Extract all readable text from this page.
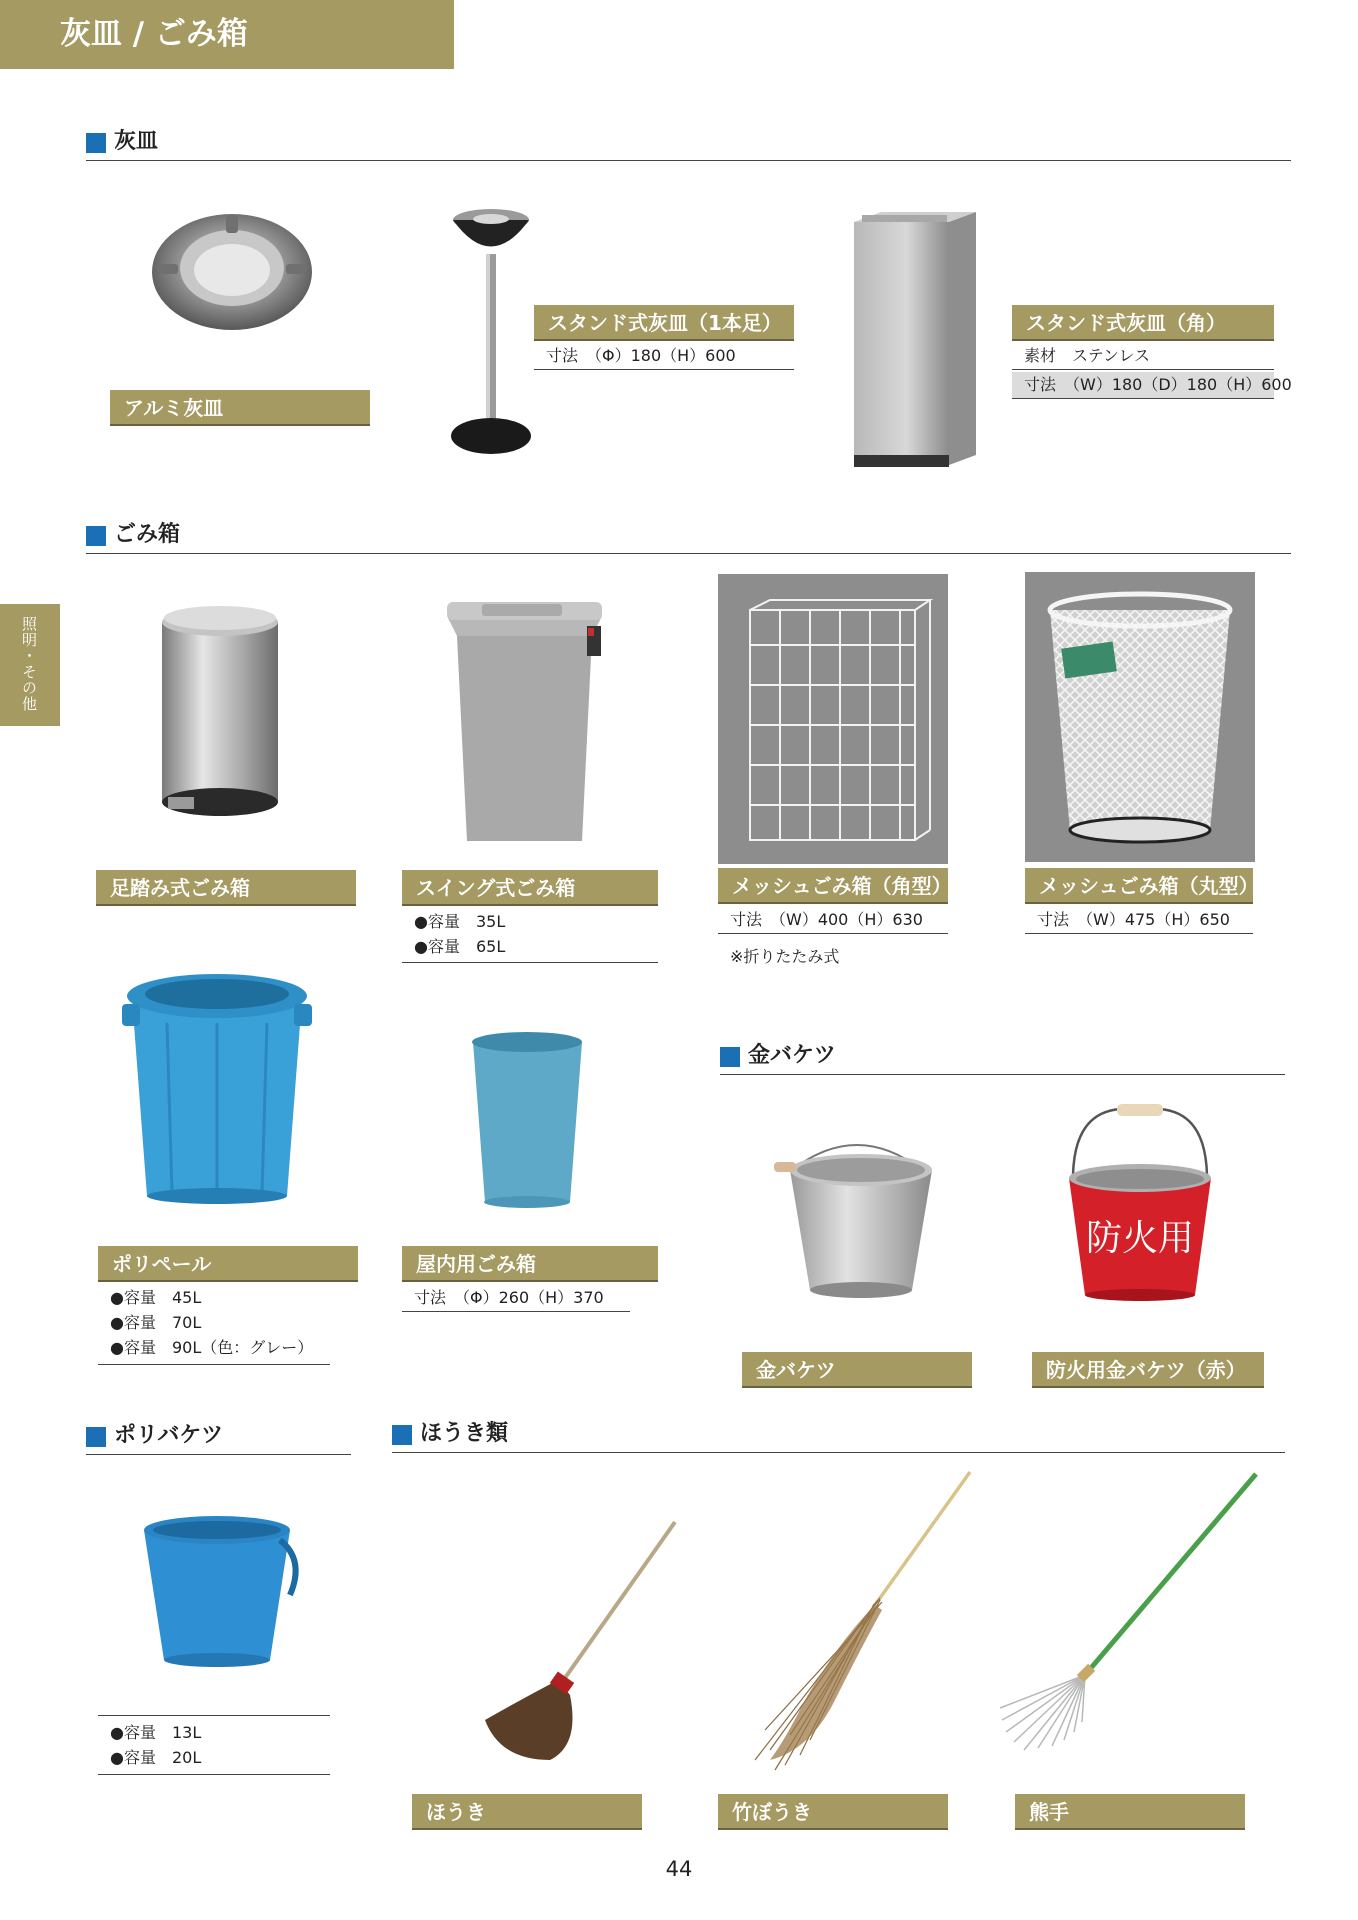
灰皿 / ごみ箱
照明・その他
灰皿
アルミ灰皿
スタンド式灰皿（1本足）
寸法　（Φ）180（H）600
スタンド式灰皿（角）
素材　ステンレス
寸法　（W）180（D）180（H）600
ごみ箱
足踏み式ごみ箱	スイング式ごみ箱
●容量　35L
●容量　65L
メッシュごみ箱（角型）
寸法　（W）400（H）630
※折りたたみ式
メッシュごみ箱（丸型）
寸法　（W）475（H）650
ポリペール
●容量　45L
●容量　70L
●容量　90L（色：グレー）
屋内用ごみ箱
寸法　（Φ）260（H）370
金バケツ
金バケツ
防火用
防火用金バケツ（赤）
ポリバケツ	ほうき類
●容量　13L
●容量　20L
ほうき	竹ぼうき	熊手
44
